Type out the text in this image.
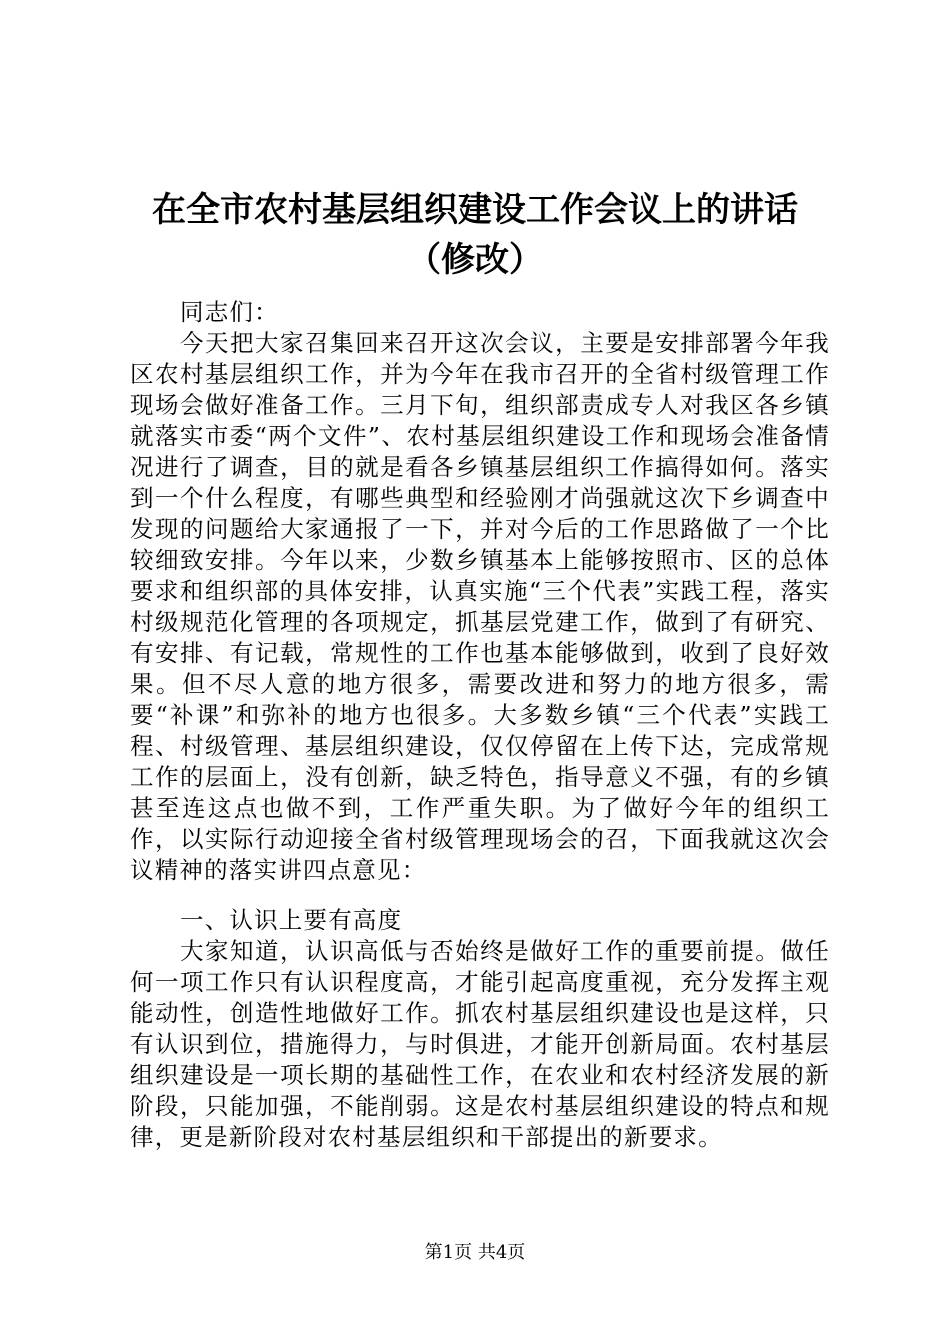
在全市农村基层组织建设工作会议上的讲话
（修改）
同志们：
今天把大家召集回来召开这次会议，主要是安排部署今年我区农村基层组织工作，并为今年在我市召开的全省村级管理工作现场会做好准备工作。三月下旬，组织部责成专人对我区各乡镇就落实市委“两个文件”、农村基层组织建设工作和现场会准备情况进行了调查，目的就是看各乡镇基层组织工作搞得如何。落实到一个什么程度，有哪些典型和经验刚才尚强就这次下乡调查中发现的问题给大家通报了一下，并对今后的工作思路做了一个比较细致安排。今年以来，少数乡镇基本上能够按照市、区的总体要求和组织部的具体安排，认真实施“三个代表”实践工程，落实村级规范化管理的各项规定，抓基层党建工作，做到了有研究、有安排、有记载，常规性的工作也基本能够做到，收到了良好效果。但不尽人意的地方很多，需要改进和努力的地方很多，需要“补课”和弥补的地方也很多。大多数乡镇“三个代表”实践工程、村级管理、基层组织建设，仅仅停留在上传下达，完成常规工作的层面上，没有创新，缺乏特色，指导意义不强，有的乡镇甚至连这点也做不到，工作严重失职。为了做好今年的组织工作，以实际行动迎接全省村级管理现场会的召，下面我就这次会议精神的落实讲四点意见：
一、认识上要有高度
大家知道，认识高低与否始终是做好工作的重要前提。做任何一项工作只有认识程度高，才能引起高度重视，充分发挥主观能动性，创造性地做好工作。抓农村基层组织建设也是这样，只有认识到位，措施得力，与时俱进，才能开创新局面。农村基层组织建设是一项长期的基础性工作，在农业和农村经济发展的新阶段，只能加强，不能削弱。这是农村基层组织建设的特点和规律，更是新阶段对农村基层组织和干部提出的新要求。
第1页 共4页
